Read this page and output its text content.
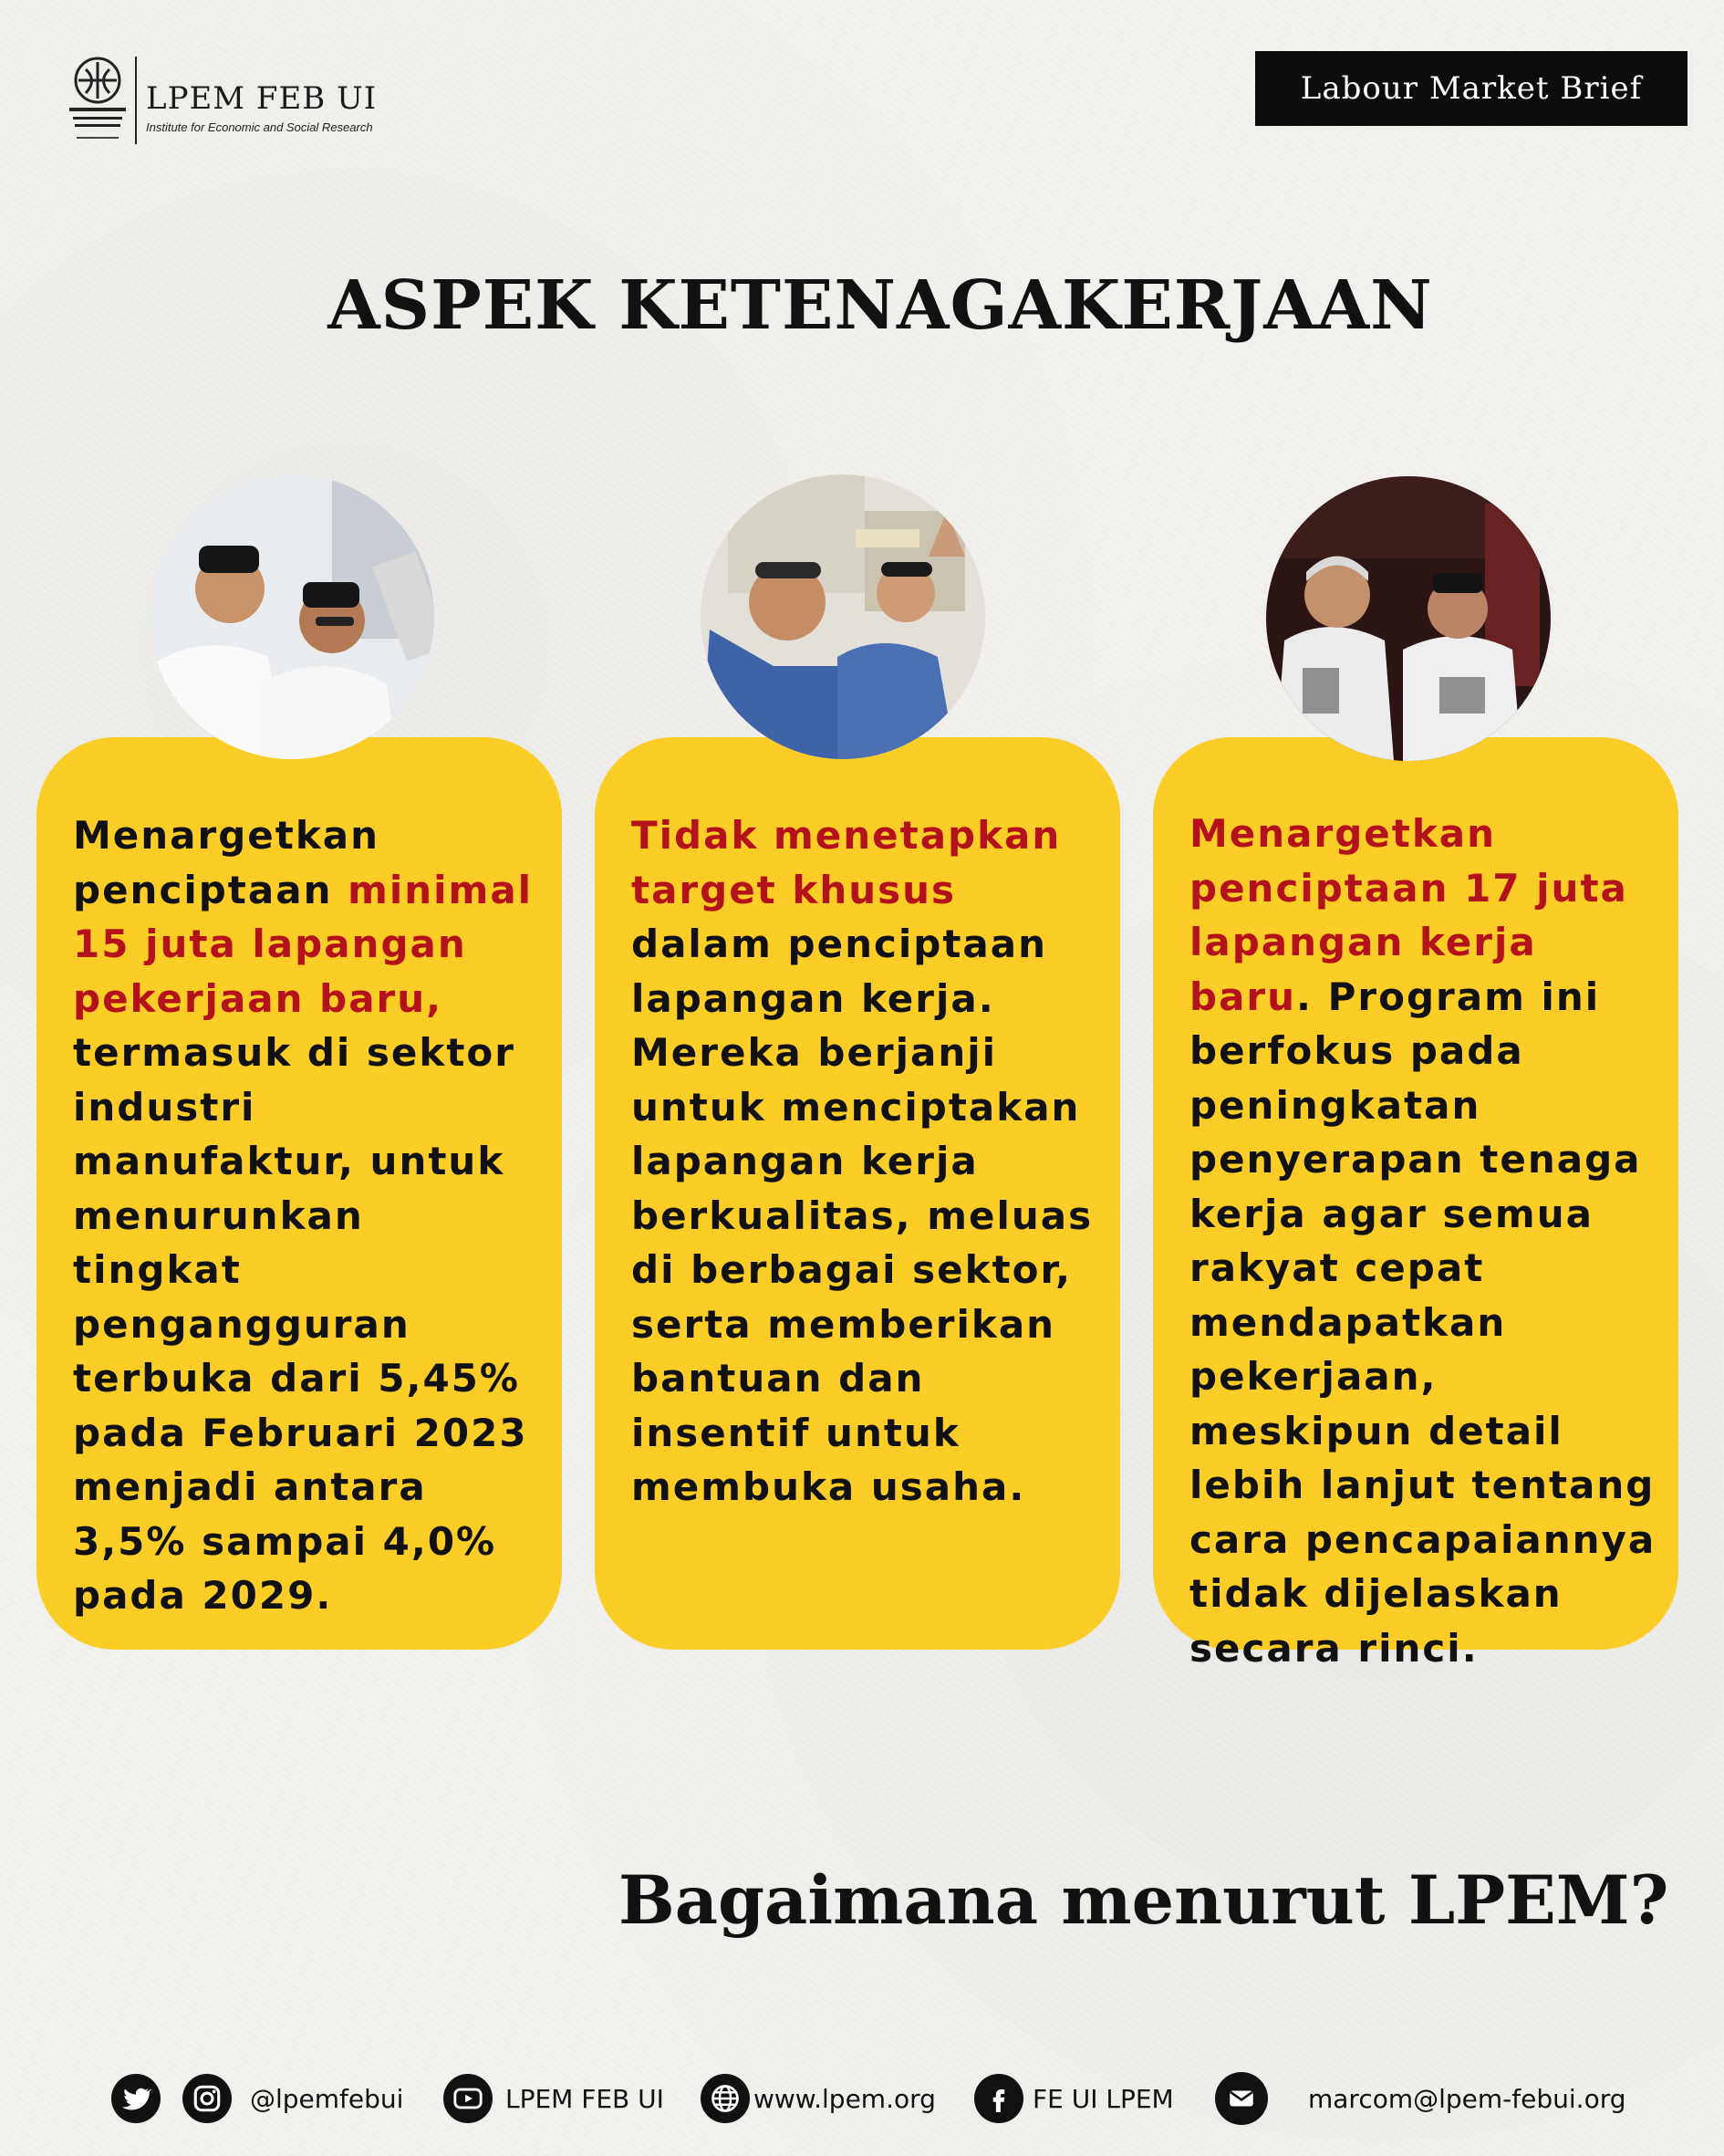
LPEM FEB UI
Institute for Economic and Social Research
Labour Market Brief
ASPEK KETENAGAKERJAAN

Menargetkan penciptaan minimal 15 juta lapangan pekerjaan baru, termasuk di sektor industri manufaktur, untuk menurunkan tingkat pengangguran terbuka dari 5,45% pada Februari 2023 menjadi antara 3,5% sampai 4,0% pada 2029.

Tidak menetapkan target khusus dalam penciptaan lapangan kerja. Mereka berjanji untuk menciptakan lapangan kerja berkualitas, meluas di berbagai sektor, serta memberikan bantuan dan insentif untuk membuka usaha.

Menargetkan penciptaan 17 juta lapangan kerja baru. Program ini berfokus pada peningkatan penyerapan tenaga kerja agar semua rakyat cepat mendapatkan pekerjaan, meskipun detail lebih lanjut tentang cara pencapaiannya tidak dijelaskan secara rinci.

Bagaimana menurut LPEM?
@lpemfebui	LPEM FEB UI	www.lpem.org	FE UI LPEM	marcom@lpem-febui.org
